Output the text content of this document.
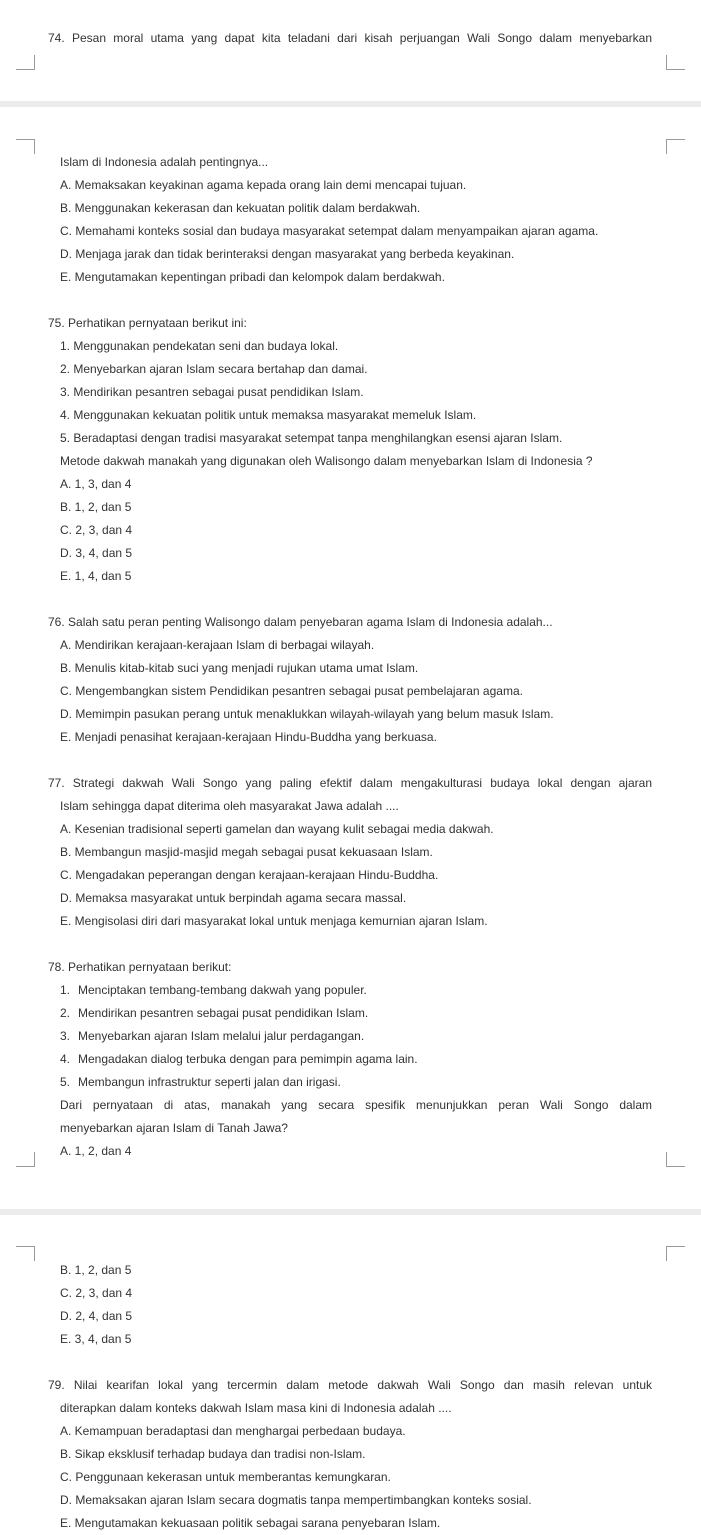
74. Pesan moral utama yang dapat kita teladani dari kisah perjuangan Wali Songo dalam menyebarkan
Islam di Indonesia adalah pentingnya...
A. Memaksakan keyakinan agama kepada orang lain demi mencapai tujuan.
B. Menggunakan kekerasan dan kekuatan politik dalam berdakwah.
C. Memahami konteks sosial dan budaya masyarakat setempat dalam menyampaikan ajaran agama.
D. Menjaga jarak dan tidak berinteraksi dengan masyarakat yang berbeda keyakinan.
E. Mengutamakan kepentingan pribadi dan kelompok dalam berdakwah.
75. Perhatikan pernyataan berikut ini:
1. Menggunakan pendekatan seni dan budaya lokal.
2. Menyebarkan ajaran Islam secara bertahap dan damai.
3. Mendirikan pesantren sebagai pusat pendidikan Islam.
4. Menggunakan kekuatan politik untuk memaksa masyarakat memeluk Islam.
5. Beradaptasi dengan tradisi masyarakat setempat tanpa menghilangkan esensi ajaran Islam.
Metode dakwah manakah yang digunakan oleh Walisongo dalam menyebarkan Islam di Indonesia ?
A. 1, 3, dan 4
B. 1, 2, dan 5
C. 2, 3, dan 4
D. 3, 4, dan 5
E. 1, 4, dan 5
76. Salah satu peran penting Walisongo dalam penyebaran agama Islam di Indonesia adalah...
A. Mendirikan kerajaan-kerajaan Islam di berbagai wilayah.
B. Menulis kitab-kitab suci yang menjadi rujukan utama umat Islam.
C. Mengembangkan sistem Pendidikan pesantren sebagai pusat pembelajaran agama.
D. Memimpin pasukan perang untuk menaklukkan wilayah-wilayah yang belum masuk Islam.
E. Menjadi penasihat kerajaan-kerajaan Hindu-Buddha yang berkuasa.
77. Strategi dakwah Wali Songo yang paling efektif dalam mengakulturasi budaya lokal dengan ajaran
Islam sehingga dapat diterima oleh masyarakat Jawa adalah ....
A. Kesenian tradisional seperti gamelan dan wayang kulit sebagai media dakwah.
B. Membangun masjid-masjid megah sebagai pusat kekuasaan Islam.
C. Mengadakan peperangan dengan kerajaan-kerajaan Hindu-Buddha.
D. Memaksa masyarakat untuk berpindah agama secara massal.
E. Mengisolasi diri dari masyarakat lokal untuk menjaga kemurnian ajaran Islam.
78. Perhatikan pernyataan berikut:
1. Menciptakan tembang-tembang dakwah yang populer.
2. Mendirikan pesantren sebagai pusat pendidikan Islam.
3. Menyebarkan ajaran Islam melalui jalur perdagangan.
4. Mengadakan dialog terbuka dengan para pemimpin agama lain.
5. Membangun infrastruktur seperti jalan dan irigasi.
Dari pernyataan di atas, manakah yang secara spesifik menunjukkan peran Wali Songo dalam
menyebarkan ajaran Islam di Tanah Jawa?
A. 1, 2, dan 4
B. 1, 2, dan 5
C. 2, 3, dan 4
D. 2, 4, dan 5
E. 3, 4, dan 5
79. Nilai kearifan lokal yang tercermin dalam metode dakwah Wali Songo dan masih relevan untuk
diterapkan dalam konteks dakwah Islam masa kini di Indonesia adalah ....
A. Kemampuan beradaptasi dan menghargai perbedaan budaya.
B. Sikap eksklusif terhadap budaya dan tradisi non-Islam.
C. Penggunaan kekerasan untuk memberantas kemungkaran.
D. Memaksakan ajaran Islam secara dogmatis tanpa mempertimbangkan konteks sosial.
E. Mengutamakan kekuasaan politik sebagai sarana penyebaran Islam.
